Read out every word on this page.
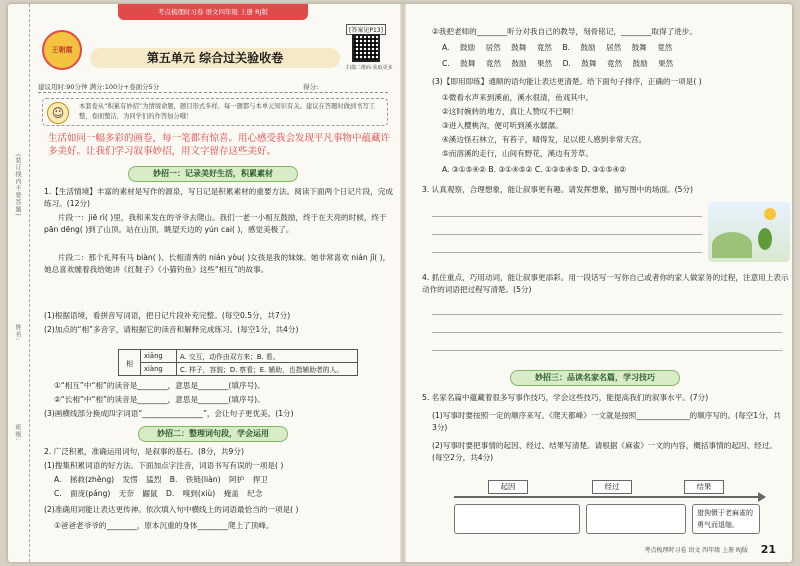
(装订线内不要答题)
姓名:
班级:
考点梳理时习卷 语文四年级 上册 RJ版
[答案见P13]
王朝霞
第五单元 综合过关验收卷
扫描二维码·获取更多
建议用时:90分钟 满分:100分+卷面分5分	得分:
☺	本套卷从“积累有妙招”为情境命题，题目形式多样，每一题都与本单元知识有关。建议在答题时做到书写工整，卷面整洁，为同学们的作答加分哦！
生活如同一幅多彩的画卷，每一笔都有惊喜。用心感受我会发现平凡事物中蕴藏许多美好。让我们学习叙事妙招，用文字留存这些美好。
妙招一：记录美好生活，积累素材
1.【生活情境】丰富的素材是写作的源泉，写日记是积累素材的重要方法。阅读下面两个日记片段，完成练习。(12分)
片段一：jiē rì( )里，我和来发在的爷爷去爬山。我们一老一小相互鼓励，终于在天亮的时候，终于 pān dēng( )到了山顶。站在山顶，眺望天边的 yún cai( )，感觉美极了。
片段二：那个礼拜有马 biàn( )、长相清秀的 nián yòu( )女孩是我的妹妹。她非常喜欢 nián jǐ( )，她总喜欢缠着我给她讲《红鞋子》《小猫钓鱼》这些“相互”的故事。
(1)根据语境，看拼音写词语，把日记片段补充完整。(每空0.5分，共7分)
(2)加点的“相”多音字，请根据它的读音和解释完成练习。(每空1分，共4分)
相	xiāng	A. 交互，动作由双方来；B. 看。
	xiàng	C. 样子，容貌；D. 察看；E. 辅助，也指辅助者的人。
①“相互”中“相”的读音是________，意思是________(填序号)。
②“长相”中“相”的读音是________，意思是________(填序号)。
(3)画横线部分换成四字词语“________________”，会让句子更优美。(1分)
妙招二：整理词句段，学会运用
2. 广泛积累，准确运用词句，是叙事的基石。(8分，共9分)
(1)搜集积累词语的好方法。下面加点字注音，词语书写有误的一项是( )
A. 拯救(zhěng) 发愣 猛烈 B. 铁链(liàn) 阿护 捍卫
C. 面庞(páng) 无奈 鼹鼠 D. 嗅到(xiù) 掩盖 纪念
(2)准确用词能让表达更传神。依次填入句中横线上的词语最恰当的一项是( )
①爸爸老爷爷的________，原本沉重的身体________爬上了顶峰。
②我把老师的________听分对我自己的教导，刻骨铭记，________取得了进步。
A. 鼓励 居然 鼓舞 竟然 B. 鼓励 居然 鼓舞 竟然
C. 鼓舞 竟然 鼓励 果然 D. 鼓舞 竟然 鼓励 果然
(3)【即用即练】通顺的语句能让表达更清楚。给下面句子排序，正确的一项是( )
①微看水声来到溪前，溪水很清，鱼戏其中。
②这时婉转的地方，真让人赞叹不已啊！
③进入樱桃沟，便可听到溪水潺潺。
④溪边怪石林立，有苔子，晴得发，足以使人感到非常天宫。
⑤而溶溪的走行，山间有野花，溪边有芳草。
A. ③①⑤④② B. ③①④⑤② C. ①③⑤④⑤ D. ③①⑤④②
3. 认真观察，合理想象，能让叙事更有趣。请发挥想象，描写图中的场面。(5分)
4. 抓住重点，巧用动词，能让叙事更添彩。用一段话写一写你自己或者你的家人做家务的过程，注意用上表示动作的词语把过程写清楚。(5分)
妙招三：品读名家名篇，学习技巧
5. 名家名篇中蕴藏着很多写事作技巧，学会这些技巧，能提高我们的叙事水平。(7分)
(1)写事时要按照一定的顺序来写。《爬天都峰》一文就是按照______________的顺序写的。(每空1分，共3分)
(2)写事时要把事情的起因、经过、结果写清楚。请根据《麻雀》一文的内容，概括事情的起因、经过。(每空2分，共4分)
起因	经过	结果
猎狗慑于老麻雀的勇气而退缩。
考点梳理时习卷 语文 四年级 上册 RJ版 21
